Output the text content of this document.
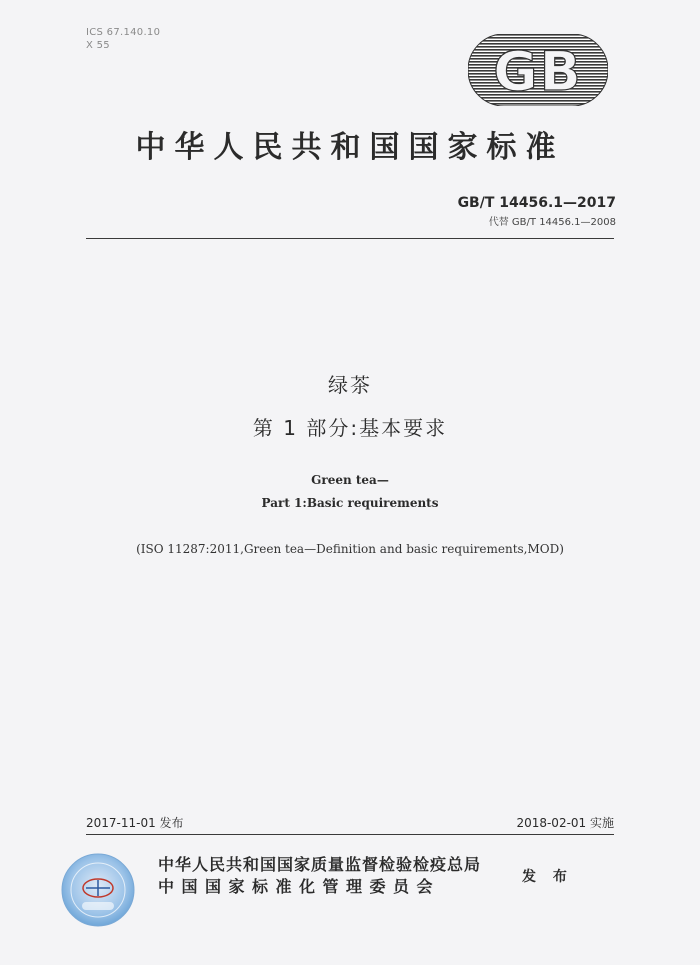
ICS 67.140.10
X 55	GB
中华人民共和国国家标准
GB/T 14456.1—2017
代替 GB/T 14456.1—2008
绿茶
第 1 部分:基本要求
Green tea—
Part 1:Basic requirements
(ISO 11287:2011,Green tea—Definition and basic requirements,MOD)
2017-11-01 发布	2018-02-01 实施
中华人民共和国国家质量监督检验检疫总局
中国国家标准化管理委员会	发 布
